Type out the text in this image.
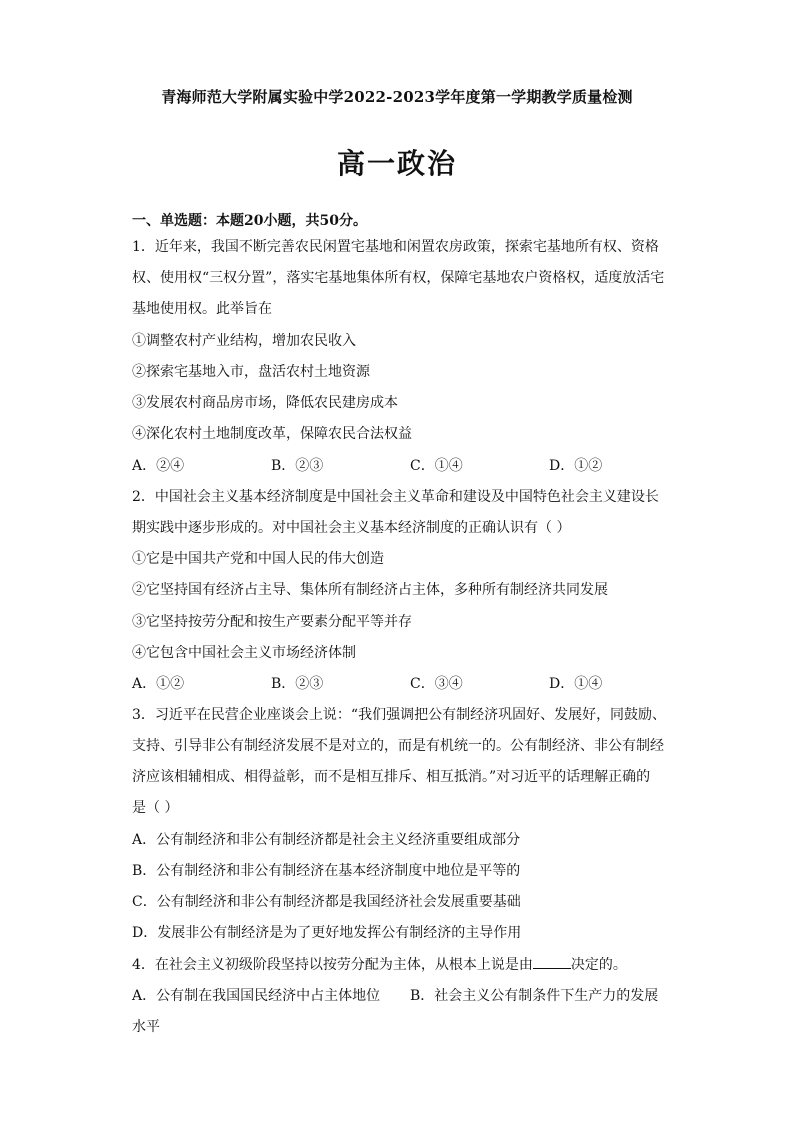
青海师范大学附属实验中学2022-2023学年度第一学期教学质量检测
高一政治
一、单选题：本题20小题，共50分。
1．近年来，我国不断完善农民闲置宅基地和闲置农房政策，探索宅基地所有权、资格
权、使用权“三权分置”，落实宅基地集体所有权，保障宅基地农户资格权，适度放活宅
基地使用权。此举旨在
①调整农村产业结构，增加农民收入
②探索宅基地入市，盘活农村土地资源
③发展农村商品房市场，降低农民建房成本
④深化农村土地制度改革，保障农民合法权益
A．②④	B．②③	C．①④	D．①②
2．中国社会主义基本经济制度是中国社会主义革命和建设及中国特色社会主义建设长
期实践中逐步形成的。对中国社会主义基本经济制度的正确认识有（ ）
①它是中国共产党和中国人民的伟大创造
②它坚持国有经济占主导、集体所有制经济占主体，多种所有制经济共同发展
③它坚持按劳分配和按生产要素分配平等并存
④它包含中国社会主义市场经济体制
A．①②	B．②③	C．③④	D．①④
3．习近平在民营企业座谈会上说：“我们强调把公有制经济巩固好、发展好，同鼓励、
支持、引导非公有制经济发展不是对立的，而是有机统一的。公有制经济、非公有制经
济应该相辅相成、相得益彰，而不是相互排斥、相互抵消。”对习近平的话理解正确的
是（ ）
A．公有制经济和非公有制经济都是社会主义经济重要组成部分
B．公有制经济和非公有制经济在基本经济制度中地位是平等的
C．公有制经济和非公有制经济都是我国经济社会发展重要基础
D．发展非公有制经济是为了更好地发挥公有制经济的主导作用
4．在社会主义初级阶段坚持以按劳分配为主体，从根本上说是由	决定的。
A．公有制在我国国民经济中占主体地位 B．社会主义公有制条件下生产力的发展
水平
